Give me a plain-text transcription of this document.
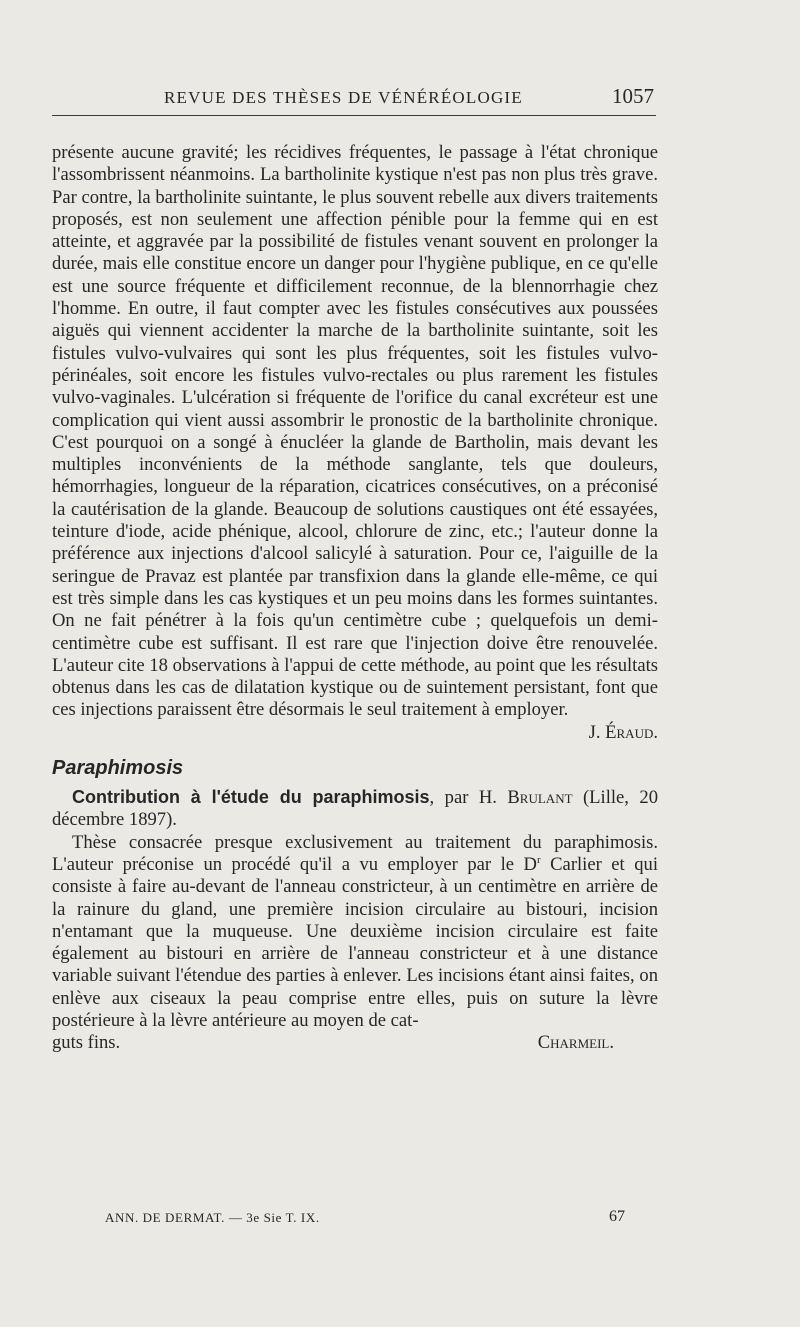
REVUE DES THÈSES DE VÉNÉRÉOLOGIE	1057

présente aucune gravité; les récidives fréquentes, le passage à l'état chronique l'assombrissent néanmoins. La bartholinite kystique n'est pas non plus très grave. Par contre, la bartholinite suintante, le plus souvent rebelle aux divers traitements proposés, est non seulement une affection pénible pour la femme qui en est atteinte, et aggravée par la possibilité de fistules venant souvent en prolonger la durée, mais elle constitue encore un danger pour l'hygiène publique, en ce qu'elle est une source fréquente et difficilement reconnue, de la blennorrhagie chez l'homme. En outre, il faut compter avec les fistules consécutives aux poussées aiguës qui viennent accidenter la marche de la bartholinite suintante, soit les fistules vulvo-vulvaires qui sont les plus fréquentes, soit les fistules vulvo-périnéales, soit encore les fistules vulvo-rectales ou plus rarement les fistules vulvo-vaginales. L'ulcération si fréquente de l'orifice du canal excréteur est une complication qui vient aussi assombrir le pronostic de la bartholinite chronique. C'est pourquoi on a songé à énucléer la glande de Bartholin, mais devant les multiples inconvénients de la méthode sanglante, tels que douleurs, hémorrhagies, longueur de la réparation, cicatrices consécutives, on a préconisé la cautérisation de la glande. Beaucoup de solutions caustiques ont été essayées, teinture d'iode, acide phénique, alcool, chlorure de zinc, etc.; l'auteur donne la préférence aux injections d'alcool salicylé à saturation. Pour ce, l'aiguille de la seringue de Pravaz est plantée par transfixion dans la glande elle-même, ce qui est très simple dans les cas kystiques et un peu moins dans les formes suintantes. On ne fait pénétrer à la fois qu'un centimètre cube ; quelquefois un demi-centimètre cube est suffisant. Il est rare que l'injection doive être renouvelée. L'auteur cite 18 observations à l'appui de cette méthode, au point que les résultats obtenus dans les cas de dilatation kystique ou de suintement persistant, font que ces injections paraissent être désormais le seul traitement à employer.

J. Éraud.

Paraphimosis

Contribution à l'étude du paraphimosis, par H. Brulant (Lille, 20 décembre 1897).

Thèse consacrée presque exclusivement au traitement du paraphimosis. L'auteur préconise un procédé qu'il a vu employer par le $D^r$ Carlier et qui consiste à faire au-devant de l'anneau constricteur, à un centimètre en arrière de la rainure du gland, une première incision circulaire au bistouri, incision n'entamant que la muqueuse. Une deuxième incision circulaire est faite également au bistouri en arrière de l'anneau constricteur et à une distance variable suivant l'étendue des parties à enlever. Les incisions étant ainsi faites, on enlève aux ciseaux la peau comprise entre elles, puis on suture la lèvre postérieure à la lèvre antérieure au moyen de cat-

guts fins.	Charmeil.
ANN. DE DERMAT. — 3e Sie T. IX.	67
